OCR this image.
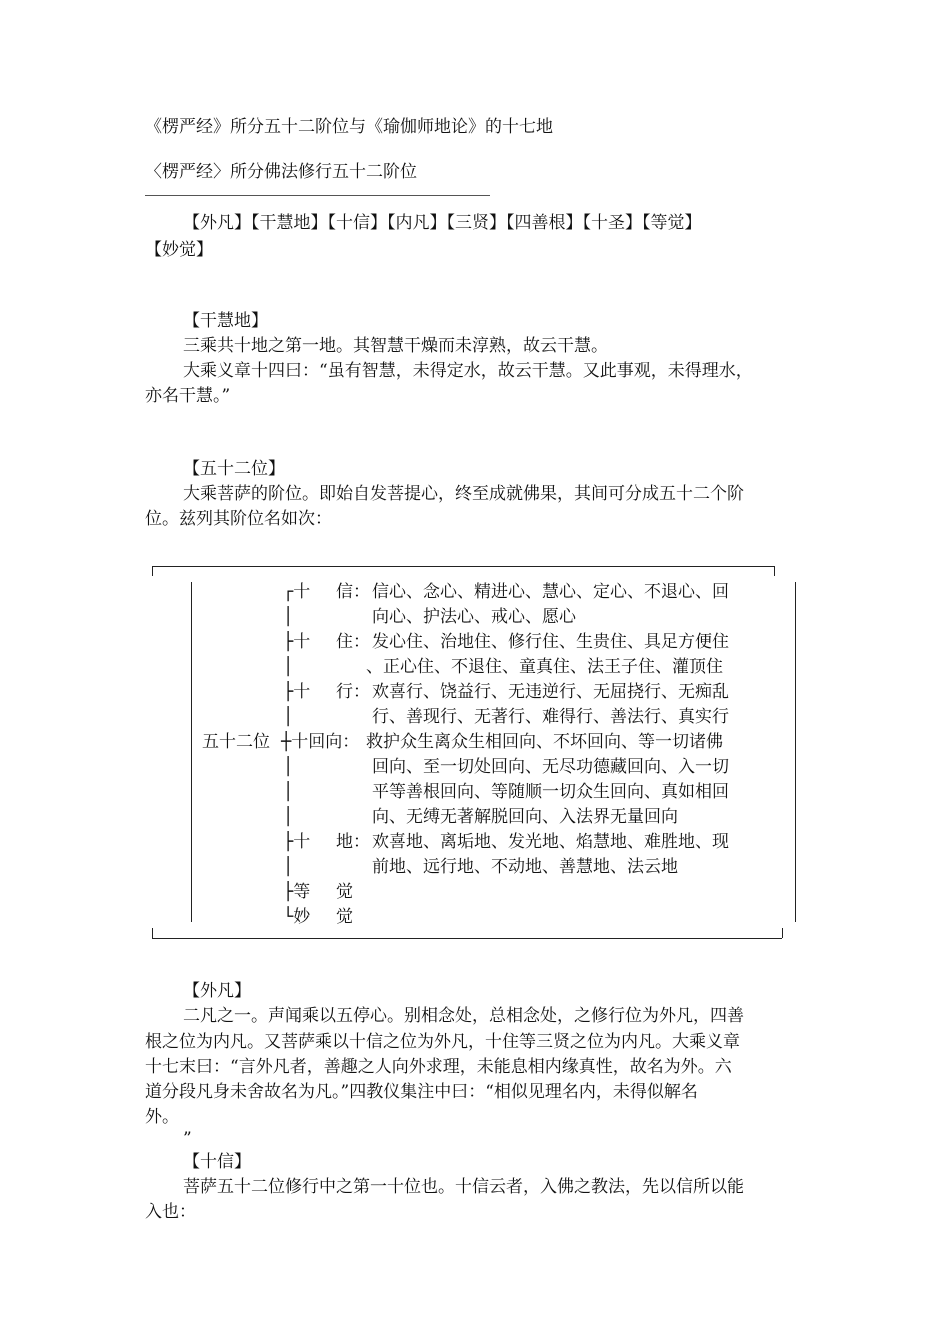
《楞严经》所分五十二阶位与《瑜伽师地论》的十七地
〈楞严经〉所分佛法修行五十二阶位
【外凡】【干慧地】【十信】【内凡】【三贤】【四善根】【十圣】【等觉】
【妙觉】
【干慧地】
三乘共十地之第一地。其智慧干燥而未淳熟，故云干慧。
大乘义章十四曰：“虽有智慧，未得定水，故云干慧。又此事观，未得理水，
亦名干慧。”
【五十二位】
大乘菩萨的阶位。即始自发菩提心，终至成就佛果，其间可分成五十二个阶
位。兹列其阶位名如次：
五十二位
┌十 信： 信心、念心、精进心、慧心、定心、不退心、回
│	向心、护法心、戒心、愿心
├十 住： 发心住、治地住、修行住、生贵住、具足方便住
│	、正心住、不退住、童真住、法王子住、灌顶住
├十 行： 欢喜行、饶益行、无违逆行、无屈挠行、无痴乱
│	行、善现行、无著行、难得行、善法行、真实行
┼十回向： 救护众生离众生相回向、不坏回向、等一切诸佛
│	回向、至一切处回向、无尽功德藏回向、入一切
│	平等善根回向、等随顺一切众生回向、真如相回
│	向、无缚无著解脱回向、入法界无量回向
├十 地： 欢喜地、离垢地、发光地、焰慧地、难胜地、现
│	前地、远行地、不动地、善慧地、法云地
├等 觉
└妙 觉
【外凡】
二凡之一。声闻乘以五停心。别相念处，总相念处，之修行位为外凡，四善
根之位为内凡。又菩萨乘以十信之位为外凡，十住等三贤之位为内凡。大乘义章
十七末曰：“言外凡者，善趣之人向外求理，未能息相内缘真性，故名为外。六
道分段凡身未舍故名为凡。”四教仪集注中曰：“相似见理名内，未得似解名
外。
”
【十信】
菩萨五十二位修行中之第一十位也。十信云者，入佛之教法，先以信所以能
入也：
